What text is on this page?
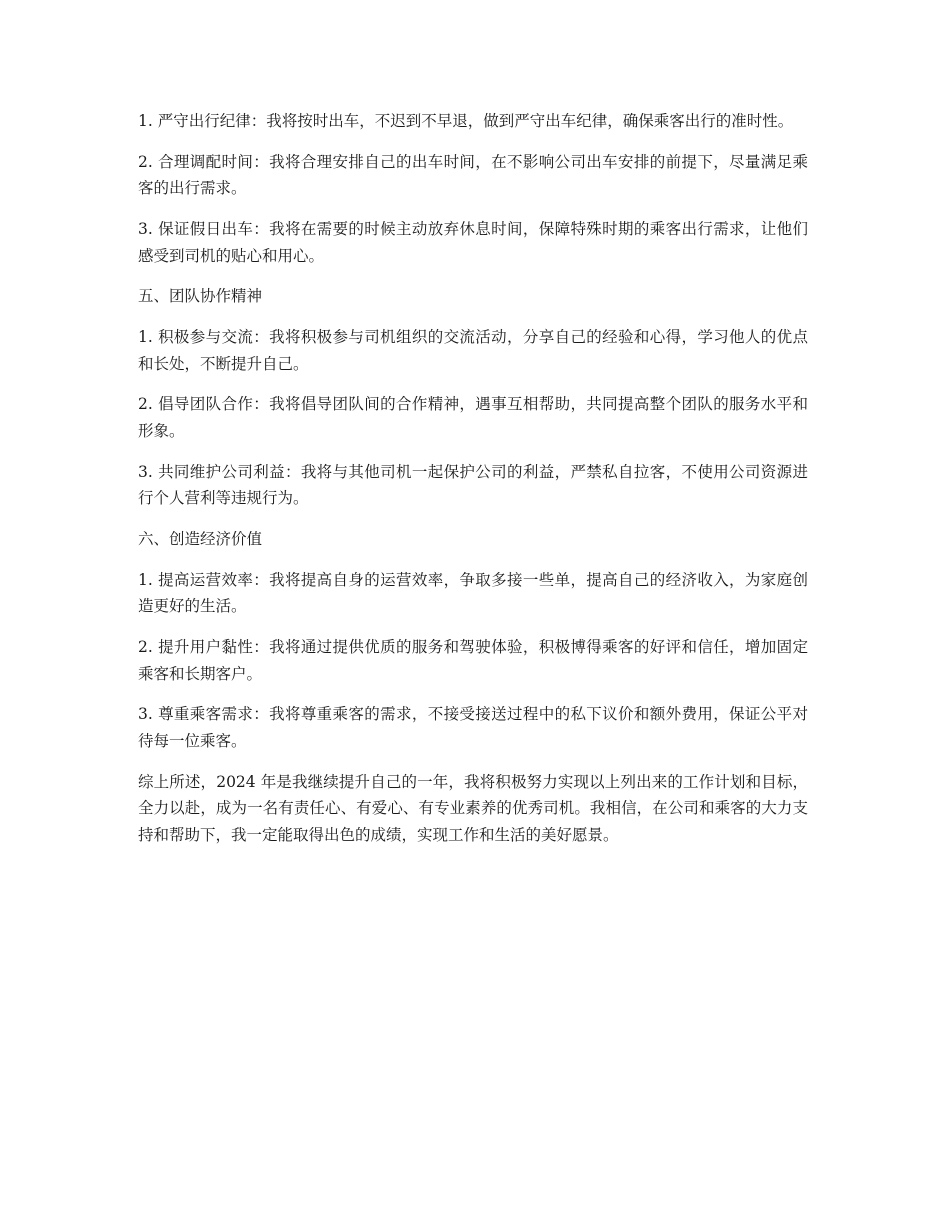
1. 严守出行纪律：我将按时出车，不迟到不早退，做到严守出车纪律，确保乘客出行的准时性。

2. 合理调配时间：我将合理安排自己的出车时间，在不影响公司出车安排的前提下，尽量满足乘客的出行需求。

3. 保证假日出车：我将在需要的时候主动放弃休息时间，保障特殊时期的乘客出行需求，让他们感受到司机的贴心和用心。

五、团队协作精神

1. 积极参与交流：我将积极参与司机组织的交流活动，分享自己的经验和心得，学习他人的优点和长处，不断提升自己。

2. 倡导团队合作：我将倡导团队间的合作精神，遇事互相帮助，共同提高整个团队的服务水平和形象。

3. 共同维护公司利益：我将与其他司机一起保护公司的利益，严禁私自拉客，不使用公司资源进行个人营利等违规行为。

六、创造经济价值

1. 提高运营效率：我将提高自身的运营效率，争取多接一些单，提高自己的经济收入，为家庭创造更好的生活。

2. 提升用户黏性：我将通过提供优质的服务和驾驶体验，积极博得乘客的好评和信任，增加固定乘客和长期客户。

3. 尊重乘客需求：我将尊重乘客的需求，不接受接送过程中的私下议价和额外费用，保证公平对待每一位乘客。

综上所述，2024 年是我继续提升自己的一年，我将积极努力实现以上列出来的工作计划和目标，全力以赴，成为一名有责任心、有爱心、有专业素养的优秀司机。我相信，在公司和乘客的大力支持和帮助下，我一定能取得出色的成绩，实现工作和生活的美好愿景。
